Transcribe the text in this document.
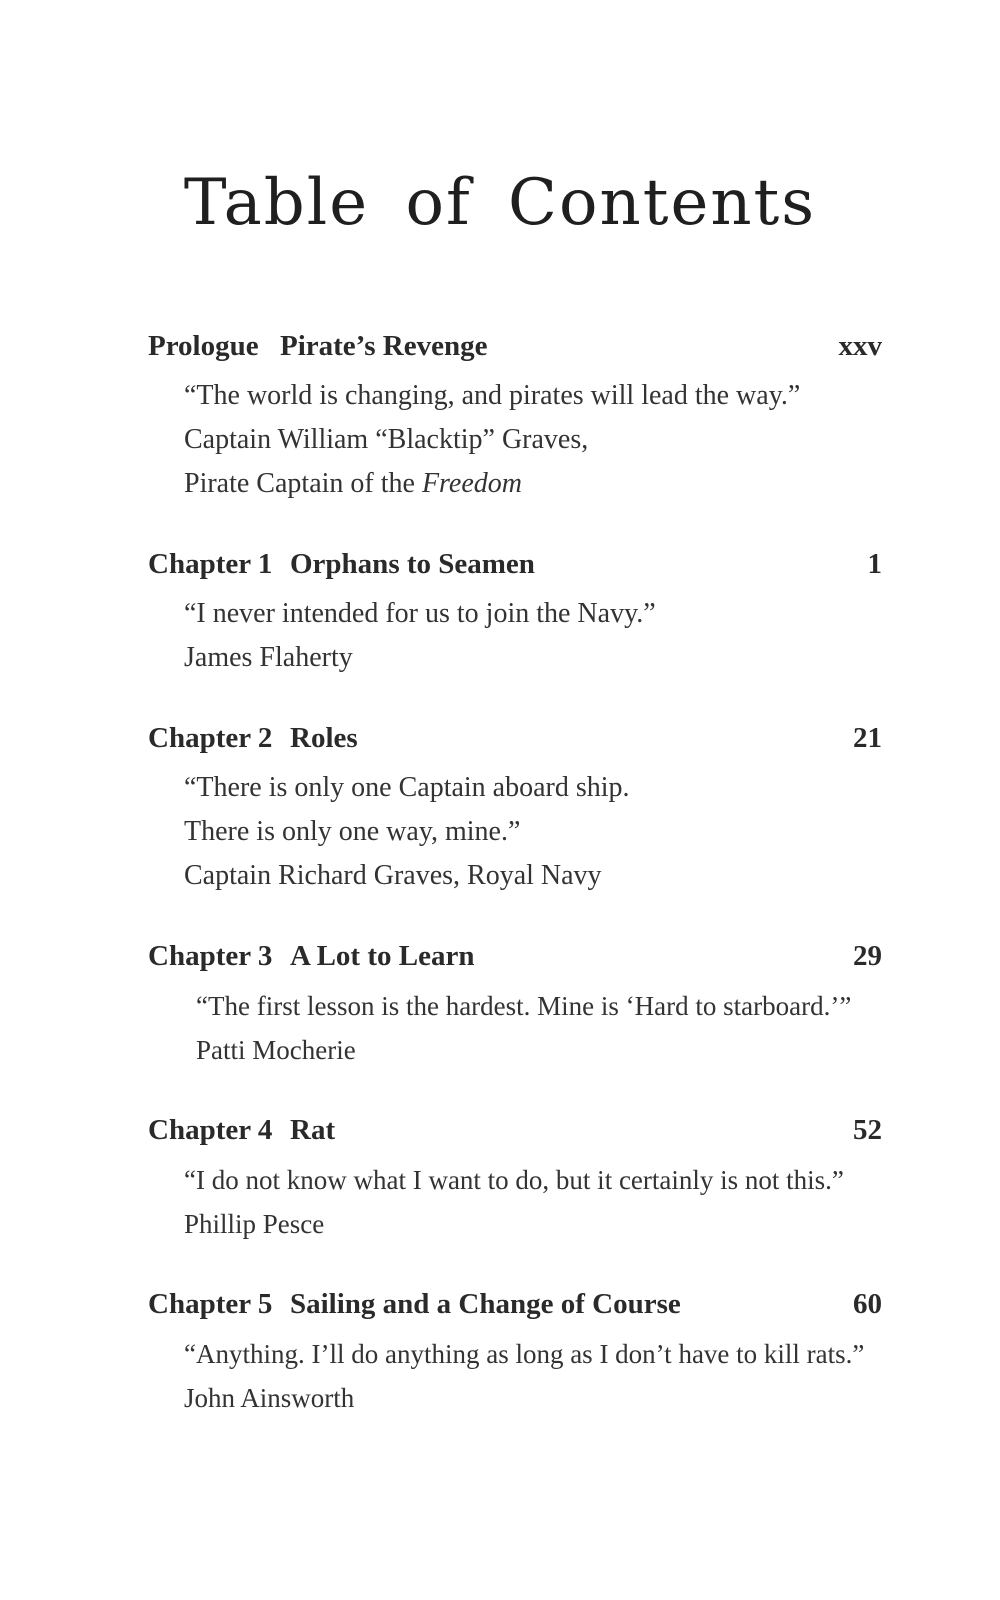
Table of Contents
Prologue Pirate’s Revenge	xxv
“The world is changing, and pirates will lead the way.”
Captain William “Blacktip” Graves,
Pirate Captain of the Freedom
Chapter 1 Orphans to Seamen	1
“I never intended for us to join the Navy.”
James Flaherty
Chapter 2 Roles	21
“There is only one Captain aboard ship.
There is only one way, mine.”
Captain Richard Graves, Royal Navy
Chapter 3 A Lot to Learn	29
“The first lesson is the hardest. Mine is ‘Hard to starboard.’”
Patti Mocherie
Chapter 4 Rat	52
“I do not know what I want to do, but it certainly is not this.”
Phillip Pesce
Chapter 5 Sailing and a Change of Course	60
“Anything. I’ll do anything as long as I don’t have to kill rats.”
John Ainsworth
